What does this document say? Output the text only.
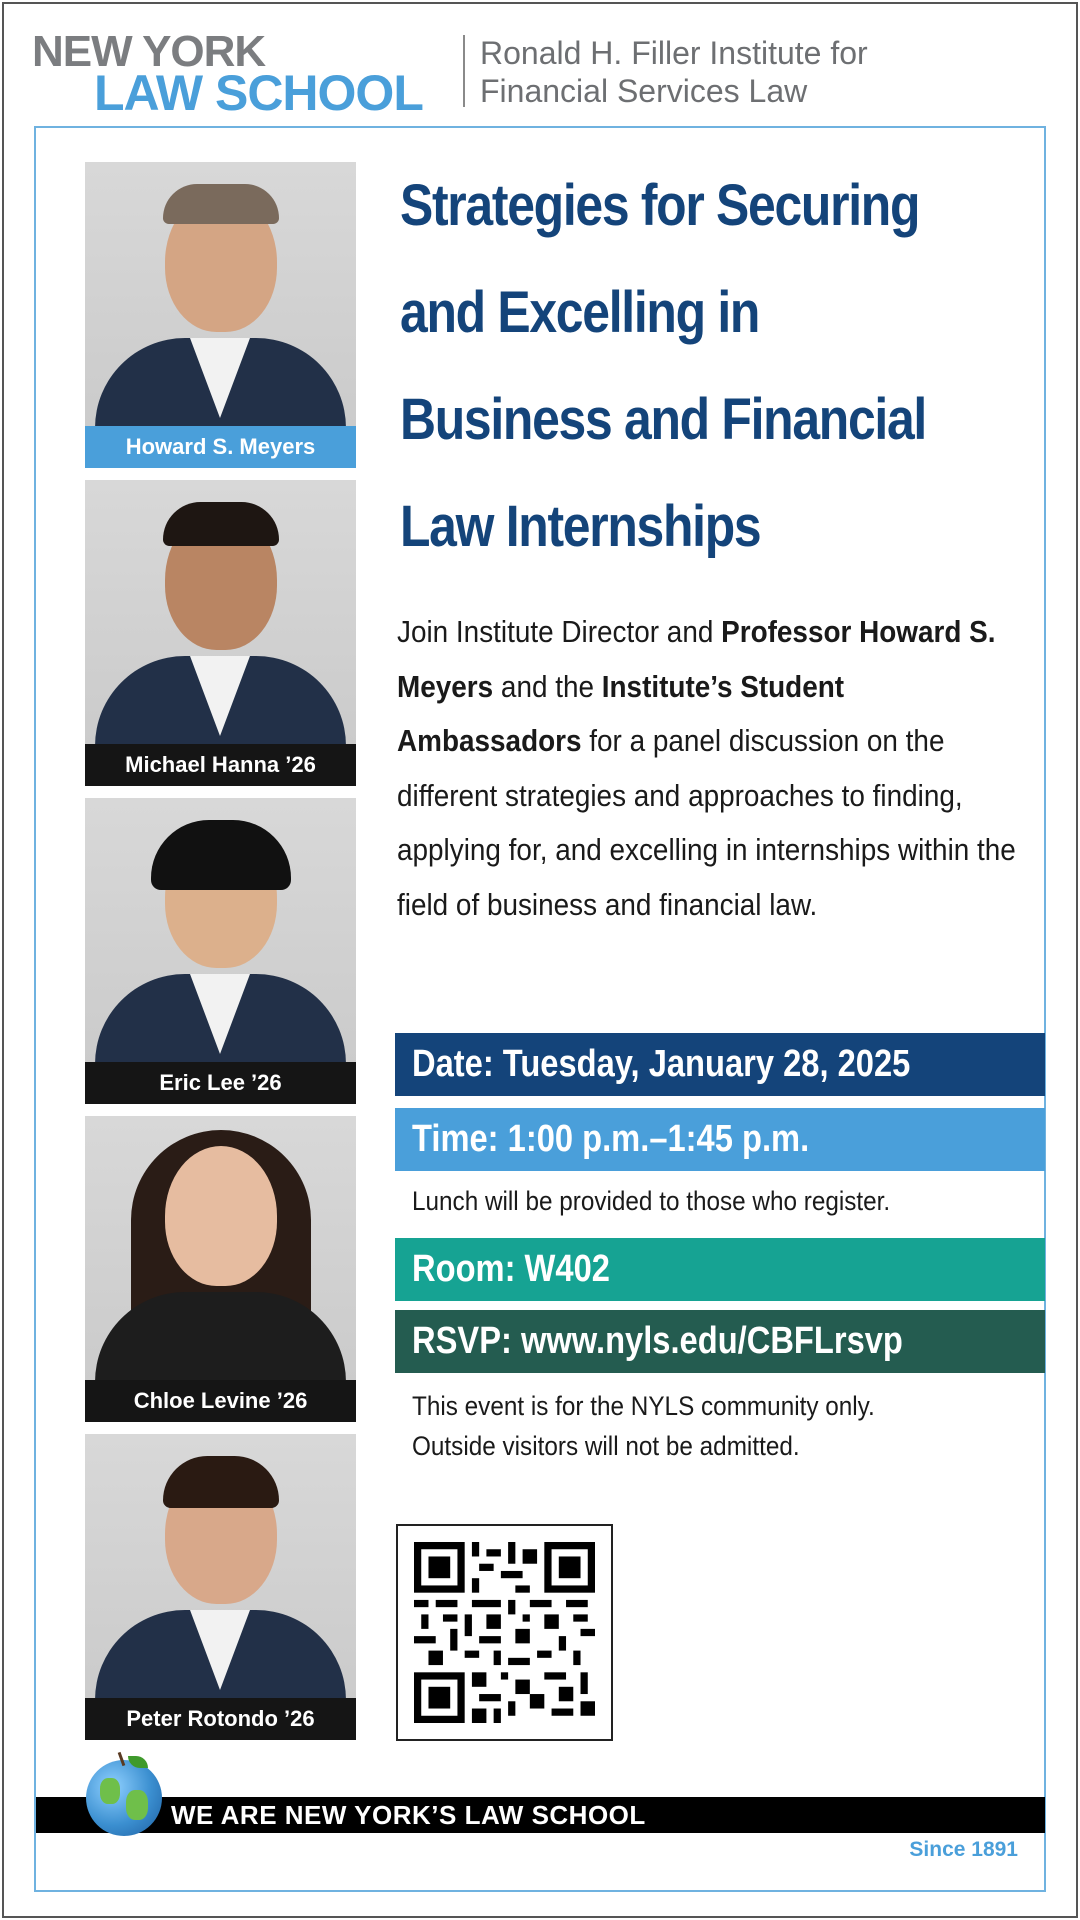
NEW YORK
LAW SCHOOL
Ronald H. Filler Institute for
Financial Services Law
Howard S. Meyers
Michael Hanna ’26
Eric Lee ’26
Chloe Levine ’26
Peter Rotondo ’26
Strategies for Securing
and Excelling in
Business and Financial
Law Internships
Join Institute Director and Professor Howard S. Meyers and the Institute’s Student Ambassadors for a panel discussion on the different strategies and approaches to finding, applying for, and excelling in internships within the field of business and financial law.
Date: Tuesday, January 28, 2025
Time: 1:00 p.m.–1:45 p.m.
Lunch will be provided to those who register.
Room: W402
RSVP: www.nyls.edu/CBFLrsvp
This event is for the NYLS community only.
Outside visitors will not be admitted.
WE ARE NEW YORK’S LAW SCHOOL
Since 1891
